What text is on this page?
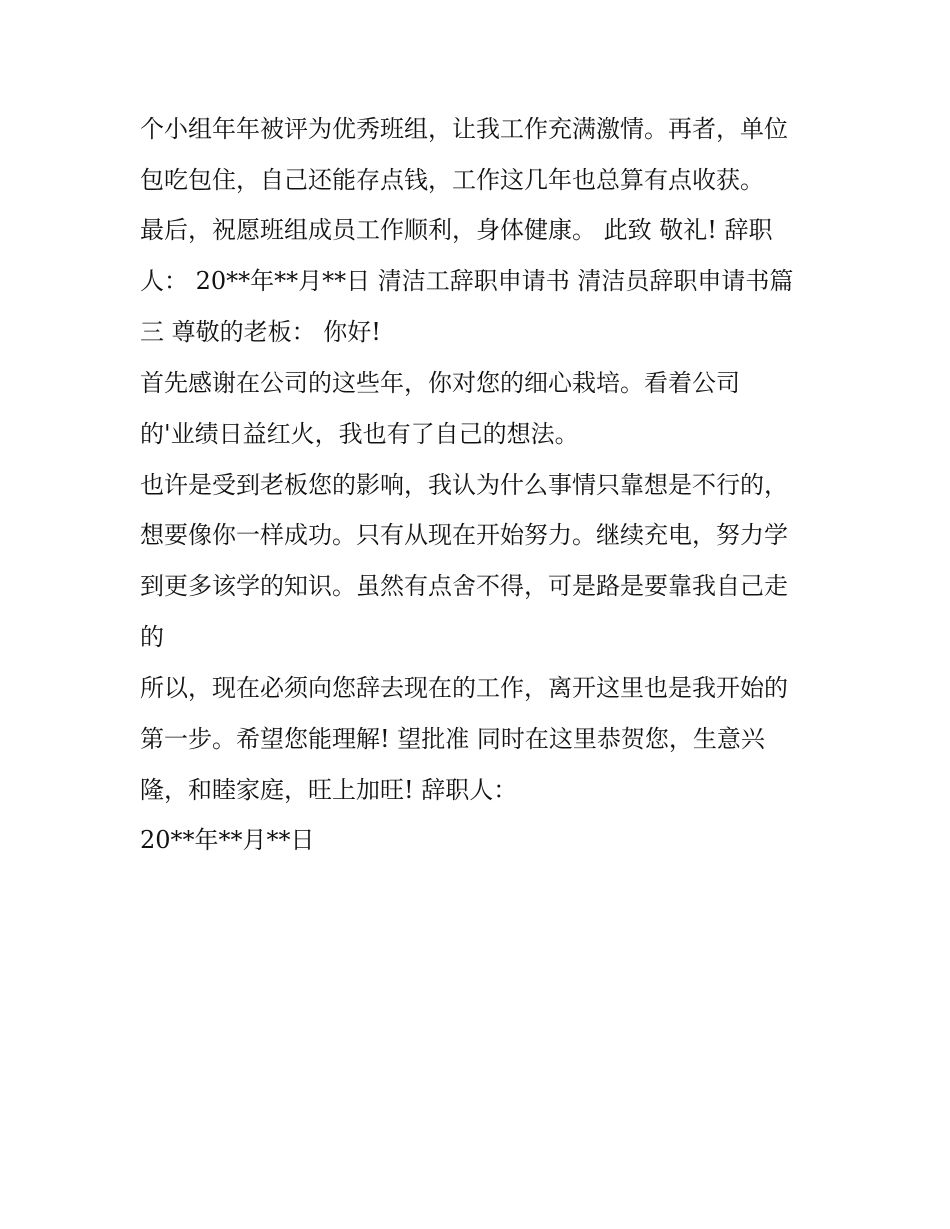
个小组年年被评为优秀班组，让我工作充满激情。再者，单位
包吃包住，自己还能存点钱，工作这几年也总算有点收获。
最后，祝愿班组成员工作顺利，身体健康。 此致 敬礼! 辞职
人： 20**年**月**日 清洁工辞职申请书 清洁员辞职申请书篇
三 尊敬的老板： 你好!
首先感谢在公司的这些年，你对您的细心栽培。看着公司
的'业绩日益红火，我也有了自己的想法。
也许是受到老板您的影响，我认为什么事情只靠想是不行的，
想要像你一样成功。只有从现在开始努力。继续充电，努力学
到更多该学的知识。虽然有点舍不得，可是路是要靠我自己走
的
所以，现在必须向您辞去现在的工作，离开这里也是我开始的
第一步。希望您能理解! 望批准 同时在这里恭贺您，生意兴
隆，和睦家庭，旺上加旺! 辞职人：
20**年**月**日
